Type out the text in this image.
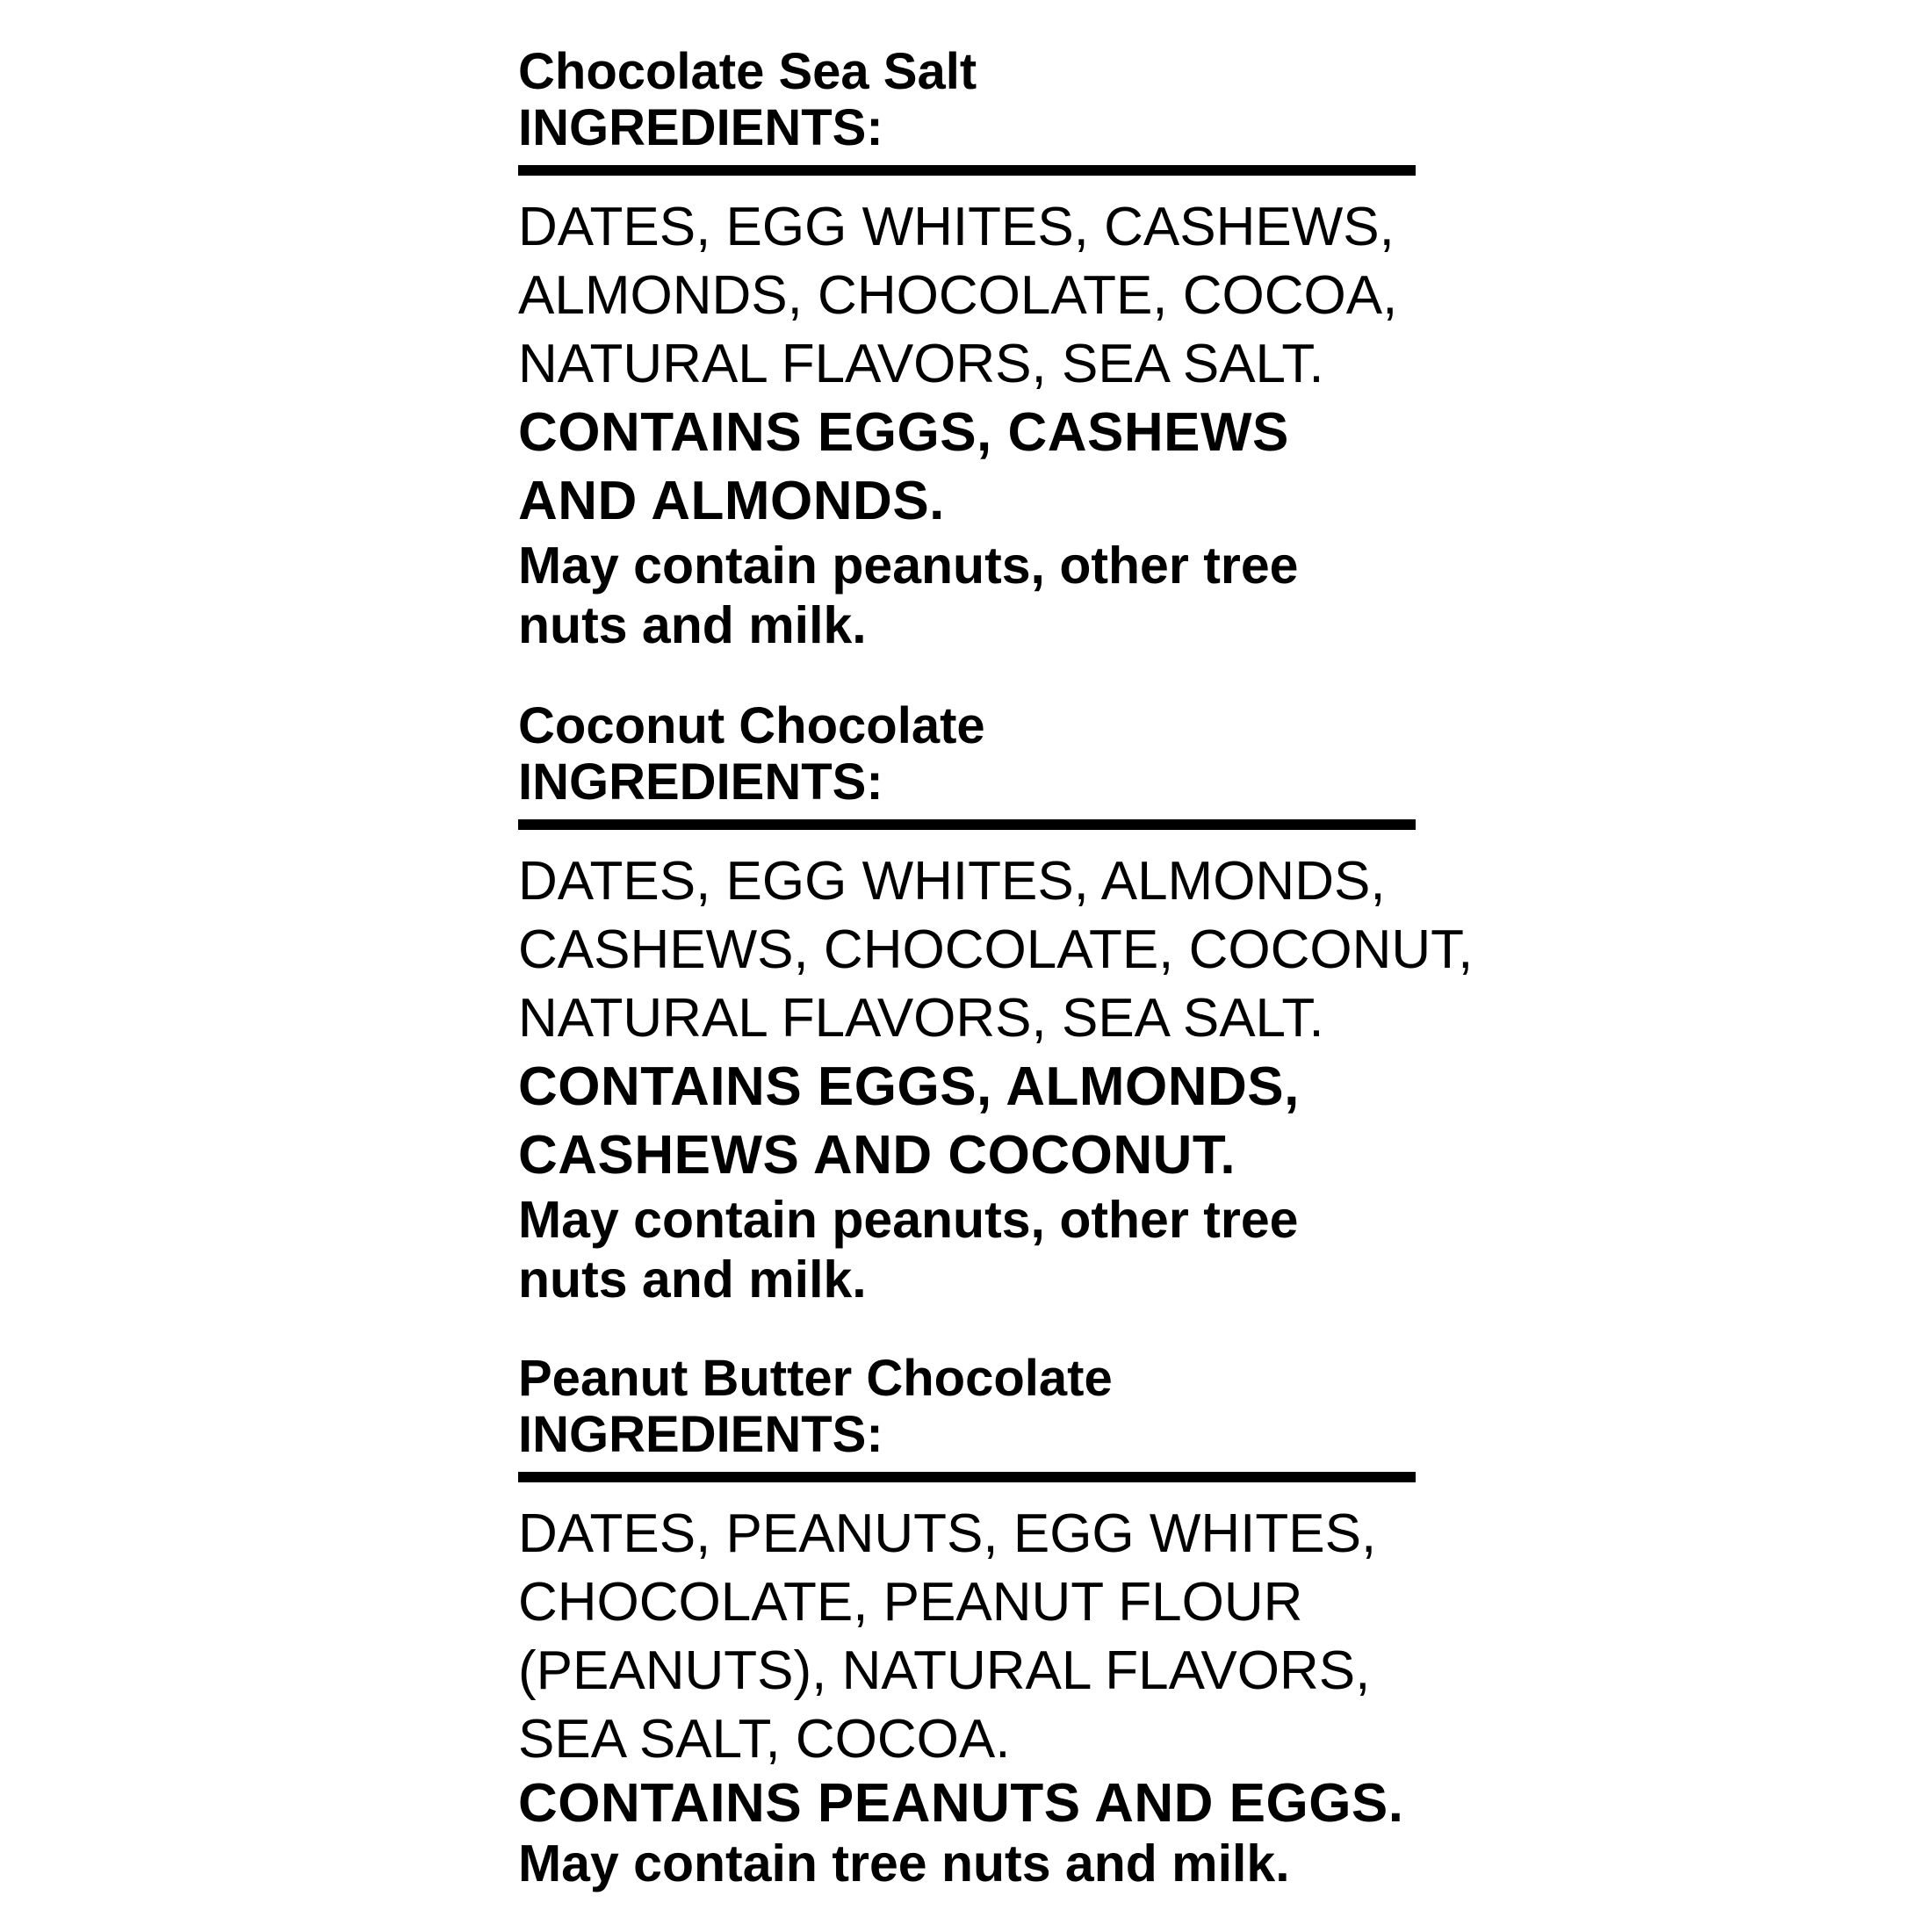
Chocolate Sea Salt
INGREDIENTS:
DATES, EGG WHITES, CASHEWS,
ALMONDS, CHOCOLATE, COCOA,
NATURAL FLAVORS, SEA SALT.
CONTAINS EGGS, CASHEWS
AND ALMONDS.
May contain peanuts, other tree
nuts and milk.
Coconut Chocolate
INGREDIENTS:
DATES, EGG WHITES, ALMONDS,
CASHEWS, CHOCOLATE, COCONUT,
NATURAL FLAVORS, SEA SALT.
CONTAINS EGGS, ALMONDS,
CASHEWS AND COCONUT.
May contain peanuts, other tree
nuts and milk.
Peanut Butter Chocolate
INGREDIENTS:
DATES, PEANUTS, EGG WHITES,
CHOCOLATE, PEANUT FLOUR
(PEANUTS), NATURAL FLAVORS,
SEA SALT, COCOA.
CONTAINS PEANUTS AND EGGS.
May contain tree nuts and milk.
